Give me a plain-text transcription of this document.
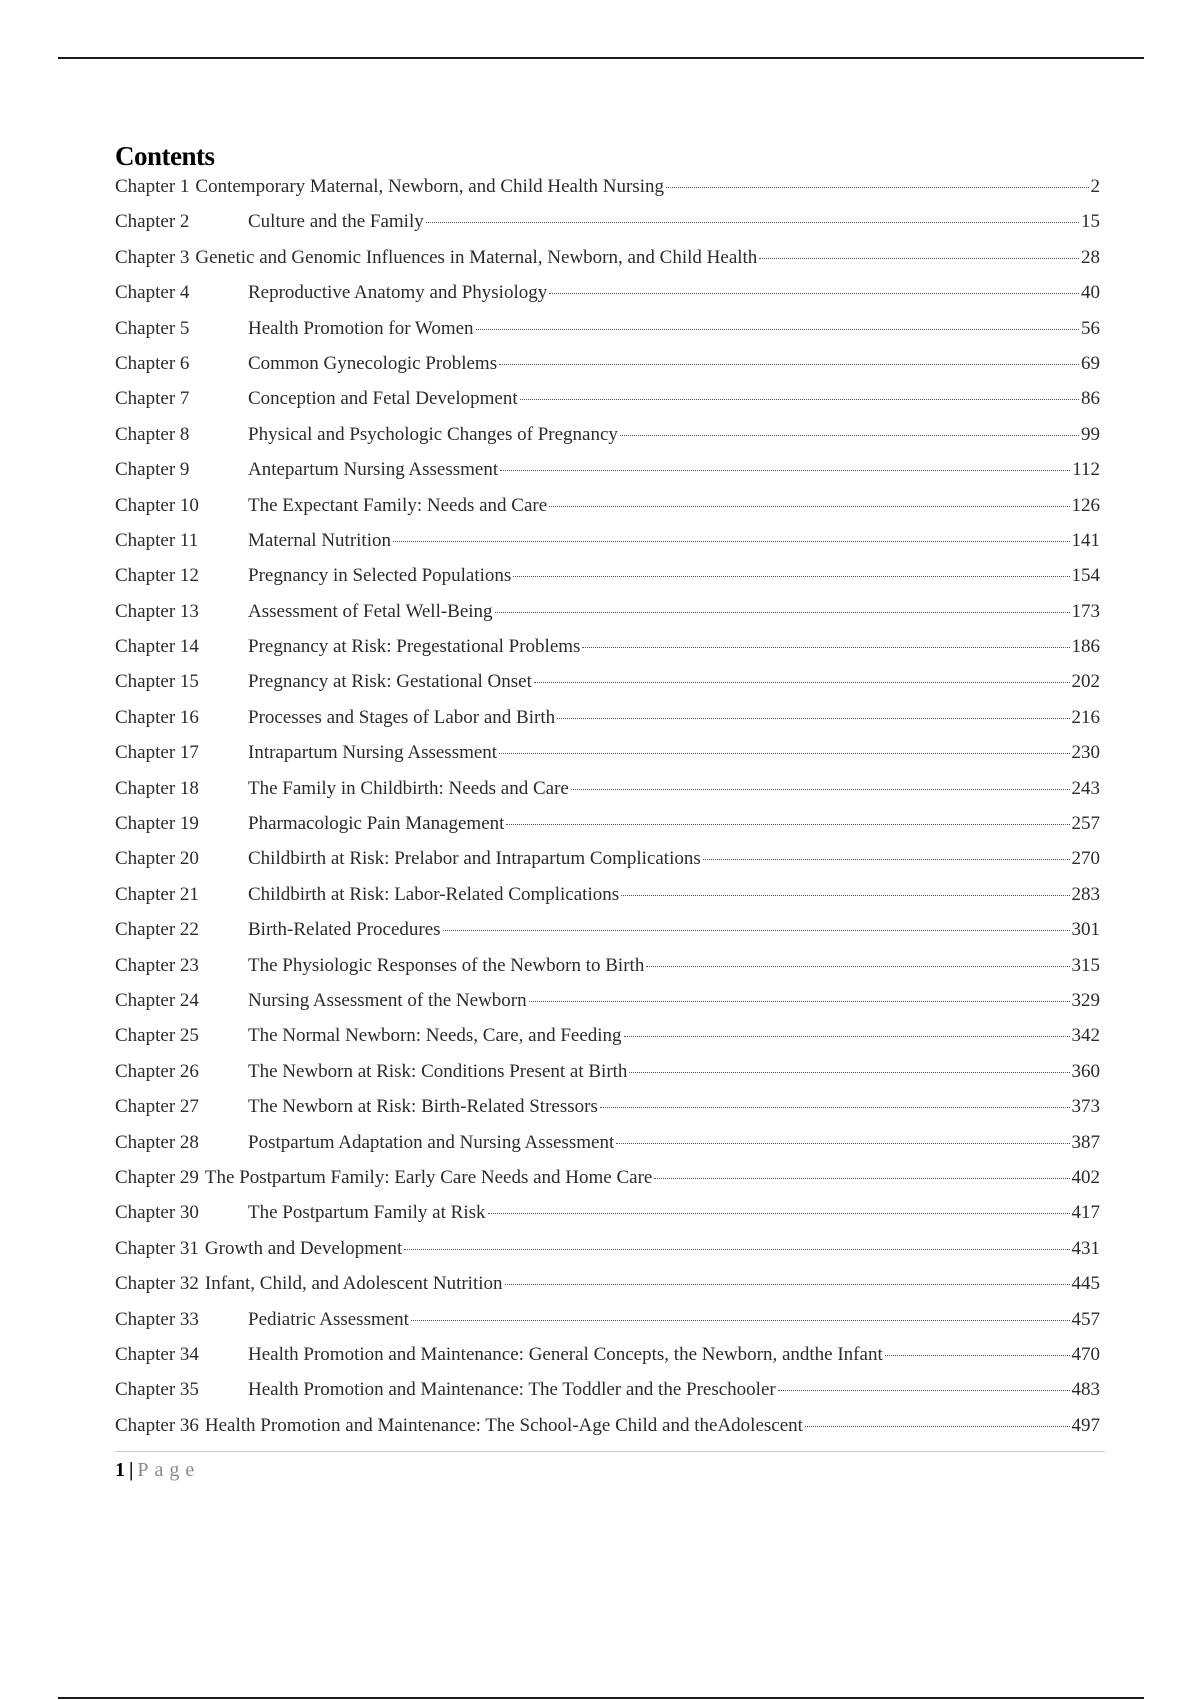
Contents
Chapter 1 Contemporary Maternal, Newborn, and Child Health Nursing	2
Chapter 2	Culture and the Family	15
Chapter 3 Genetic and Genomic Influences in Maternal, Newborn, and Child Health	28
Chapter 4	Reproductive Anatomy and Physiology	40
Chapter 5	Health Promotion for Women	56
Chapter 6	Common Gynecologic Problems	69
Chapter 7	Conception and Fetal Development	86
Chapter 8	Physical and Psychologic Changes of Pregnancy	99
Chapter 9	Antepartum Nursing Assessment	112
Chapter 10	The Expectant Family: Needs and Care	126
Chapter 11	Maternal Nutrition	141
Chapter 12	Pregnancy in Selected Populations	154
Chapter 13	Assessment of Fetal Well-Being	173
Chapter 14	Pregnancy at Risk: Pregestational Problems	186
Chapter 15	Pregnancy at Risk: Gestational Onset	202
Chapter 16	Processes and Stages of Labor and Birth	216
Chapter 17	Intrapartum Nursing Assessment	230
Chapter 18	The Family in Childbirth: Needs and Care	243
Chapter 19	Pharmacologic Pain Management	257
Chapter 20	Childbirth at Risk: Prelabor and Intrapartum Complications	270
Chapter 21	Childbirth at Risk: Labor-Related Complications	283
Chapter 22	Birth-Related Procedures	301
Chapter 23	The Physiologic Responses of the Newborn to Birth	315
Chapter 24	Nursing Assessment of the Newborn	329
Chapter 25	The Normal Newborn: Needs, Care, and Feeding	342
Chapter 26	The Newborn at Risk: Conditions Present at Birth	360
Chapter 27	The Newborn at Risk: Birth-Related Stressors	373
Chapter 28	Postpartum Adaptation and Nursing Assessment	387
Chapter 29 The Postpartum Family: Early Care Needs and Home Care	402
Chapter 30	The Postpartum Family at Risk	417
Chapter 31 Growth and Development	431
Chapter 32 Infant, Child, and Adolescent Nutrition	445
Chapter 33	Pediatric Assessment	457
Chapter 34	Health Promotion and Maintenance: General Concepts, the Newborn, andthe Infant	470
Chapter 35	Health Promotion and Maintenance: The Toddler and the Preschooler	483
Chapter 36 Health Promotion and Maintenance: The School-Age Child and theAdolescent	497
1 | Page
